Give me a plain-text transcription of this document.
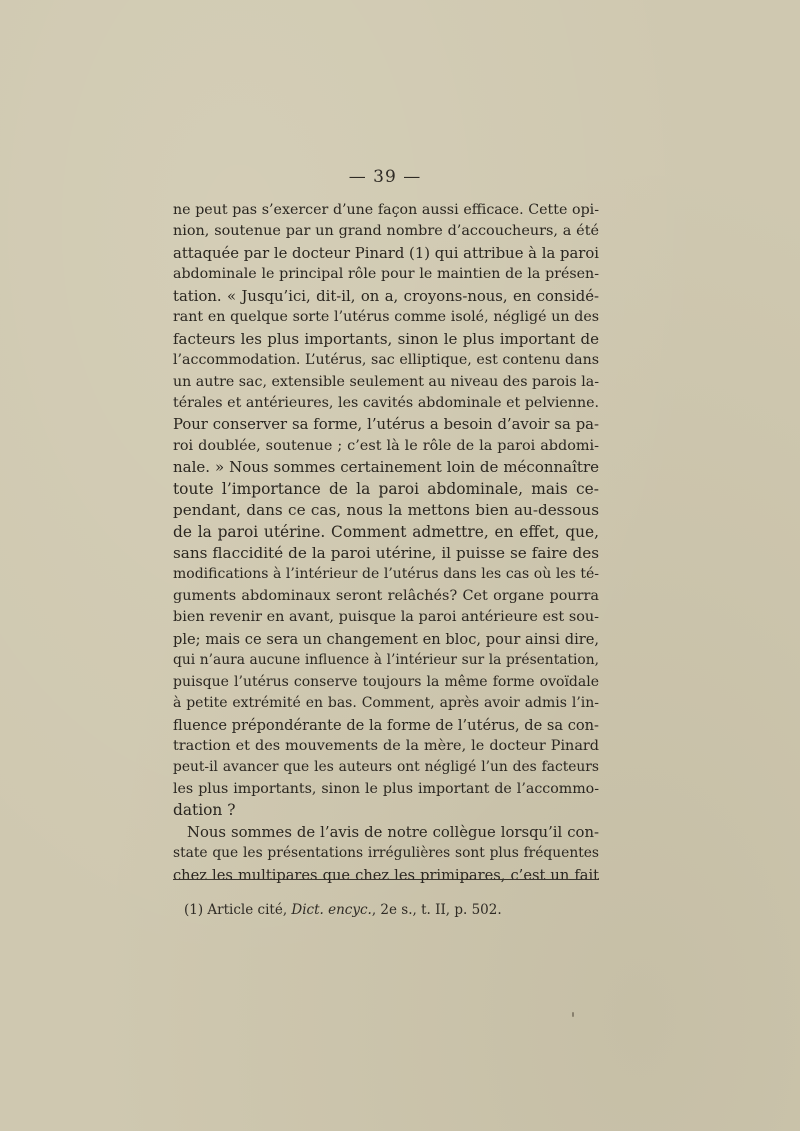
— 39 —
ne peut pas s’exercer d’une façon aussi efficace. Cette opi-
nion, soutenue par un grand nombre d’accoucheurs, a été
attaquée par le docteur Pinard (1) qui attribue à la paroi
abdominale le principal rôle pour le maintien de la présen-
tation. « Jusqu’ici, dit-il, on a, croyons-nous, en considé-
rant en quelque sorte l’utérus comme isolé, négligé un des
facteurs les plus importants, sinon le plus important de
l’accommodation. L’utérus, sac elliptique, est contenu dans
un autre sac, extensible seulement au niveau des parois la-
térales et antérieures, les cavités abdominale et pelvienne.
Pour conserver sa forme, l’utérus a besoin d’avoir sa pa-
roi doublée, soutenue ; c’est là le rôle de la paroi abdomi-
nale. » Nous sommes certainement loin de méconnaître
toute l’importance de la paroi abdominale, mais ce-
pendant, dans ce cas, nous la mettons bien au-dessous
de la paroi utérine. Comment admettre, en effet, que,
sans flaccidité de la paroi utérine, il puisse se faire des
modifications à l’intérieur de l’utérus dans les cas où les té-
guments abdominaux seront relâchés? Cet organe pourra
bien revenir en avant, puisque la paroi antérieure est sou-
ple; mais ce sera un changement en bloc, pour ainsi dire,
qui n’aura aucune influence à l’intérieur sur la présentation,
puisque l’utérus conserve toujours la même forme ovoïdale
à petite extrémité en bas. Comment, après avoir admis l’in-
fluence prépondérante de la forme de l’utérus, de sa con-
traction et des mouvements de la mère, le docteur Pinard
peut-il avancer que les auteurs ont négligé l’un des facteurs
les plus importants, sinon le plus important de l’accommo-
dation ?
Nous sommes de l’avis de notre collègue lorsqu’il con-
state que les présentations irrégulières sont plus fréquentes
chez les multipares que chez les primipares, c’est un fait
(1) Article cité, Dict. encyc., 2e s., t. II, p. 502.
